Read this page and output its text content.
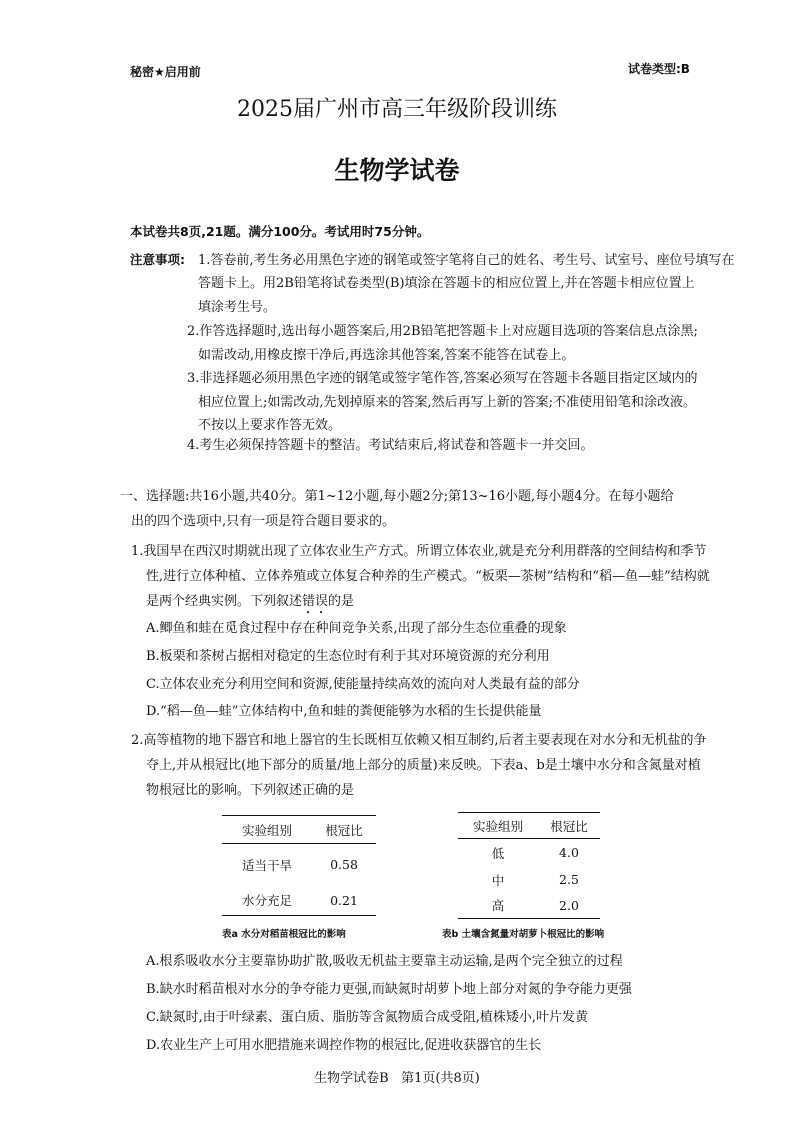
秘密★启用前	试卷类型:B
2025届广州市高三年级阶段训练
生物学试卷
本试卷共8页,21题。满分100分。考试用时75分钟。
注意事项: 1.答卷前,考生务必用黑色字迹的钢笔或签字笔将自己的姓名、考生号、试室号、座位号填写在
答题卡上。用2B铅笔将试卷类型(B)填涂在答题卡的相应位置上,并在答题卡相应位置上
填涂考生号。
2.作答选择题时,选出每小题答案后,用2B铅笔把答题卡上对应题目选项的答案信息点涂黑;
如需改动,用橡皮擦干净后,再选涂其他答案,答案不能答在试卷上。
3.非选择题必须用黑色字迹的钢笔或签字笔作答,答案必须写在答题卡各题目指定区域内的
相应位置上;如需改动,先划掉原来的答案,然后再写上新的答案;不准使用铅笔和涂改液。
不按以上要求作答无效。
4.考生必须保持答题卡的整洁。考试结束后,将试卷和答题卡一并交回。
一、选择题:共16小题,共40分。第1~12小题,每小题2分;第13~16小题,每小题4分。在每小题给
出的四个选项中,只有一项是符合题目要求的。
1.我国早在西汉时期就出现了立体农业生产方式。所谓立体农业,就是充分利用群落的空间结构和季节
性,进行立体种植、立体养殖或立体复合种养的生产模式。“板栗—茶树”结构和“稻—鱼—蛙”结构就
是两个经典实例。下列叙述错误的是
A.鲫鱼和蛙在觅食过程中存在种间竞争关系,出现了部分生态位重叠的现象
B.板栗和茶树占据相对稳定的生态位时有利于其对环境资源的充分利用
C.立体农业充分利用空间和资源,使能量持续高效的流向对人类最有益的部分
D.“稻—鱼—蛙”立体结构中,鱼和蛙的粪便能够为水稻的生长提供能量
2.高等植物的地下器官和地上器官的生长既相互依赖又相互制约,后者主要表现在对水分和无机盐的争
夺上,并从根冠比(地下部分的质量/地上部分的质量)来反映。下表a、b是土壤中水分和含氮量对植
物根冠比的影响。下列叙述正确的是
实验组别	根冠比
适当干旱	0.58
水分充足	0.21
表a 水分对稻苗根冠比的影响
实验组别	根冠比
低	4.0
中	2.5
高	2.0
表b 土壤含氮量对胡萝卜根冠比的影响
A.根系吸收水分主要靠协助扩散,吸收无机盐主要靠主动运输,是两个完全独立的过程
B.缺水时稻苗根对水分的争夺能力更强,而缺氮时胡萝卜地上部分对氮的争夺能力更强
C.缺氮时,由于叶绿素、蛋白质、脂肪等含氮物质合成受阻,植株矮小,叶片发黄
D.农业生产上可用水肥措施来调控作物的根冠比,促进收获器官的生长
生物学试卷B   第1页(共8页)
